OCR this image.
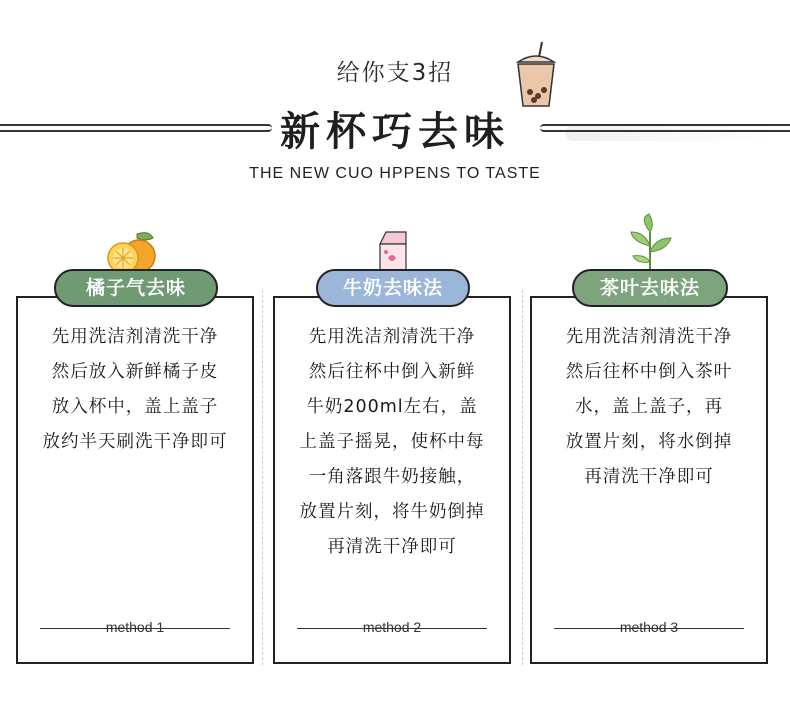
给你支3招
新杯巧去味
THE NEW CUO HPPENS TO TASTE
先用洗洁剂清洗干净
然后放入新鲜橘子皮
放入杯中，盖上盖子
放约半天刷洗干净即可
method 1
橘子气去味
先用洗洁剂清洗干净
然后往杯中倒入新鲜
牛奶200ml左右，盖
上盖子摇晃，使杯中每
一角落跟牛奶接触，
放置片刻，将牛奶倒掉
再清洗干净即可
method 2
牛奶去味法
先用洗洁剂清洗干净
然后往杯中倒入茶叶
水，盖上盖子，再
放置片刻，将水倒掉
再清洗干净即可
method 3
茶叶去味法
